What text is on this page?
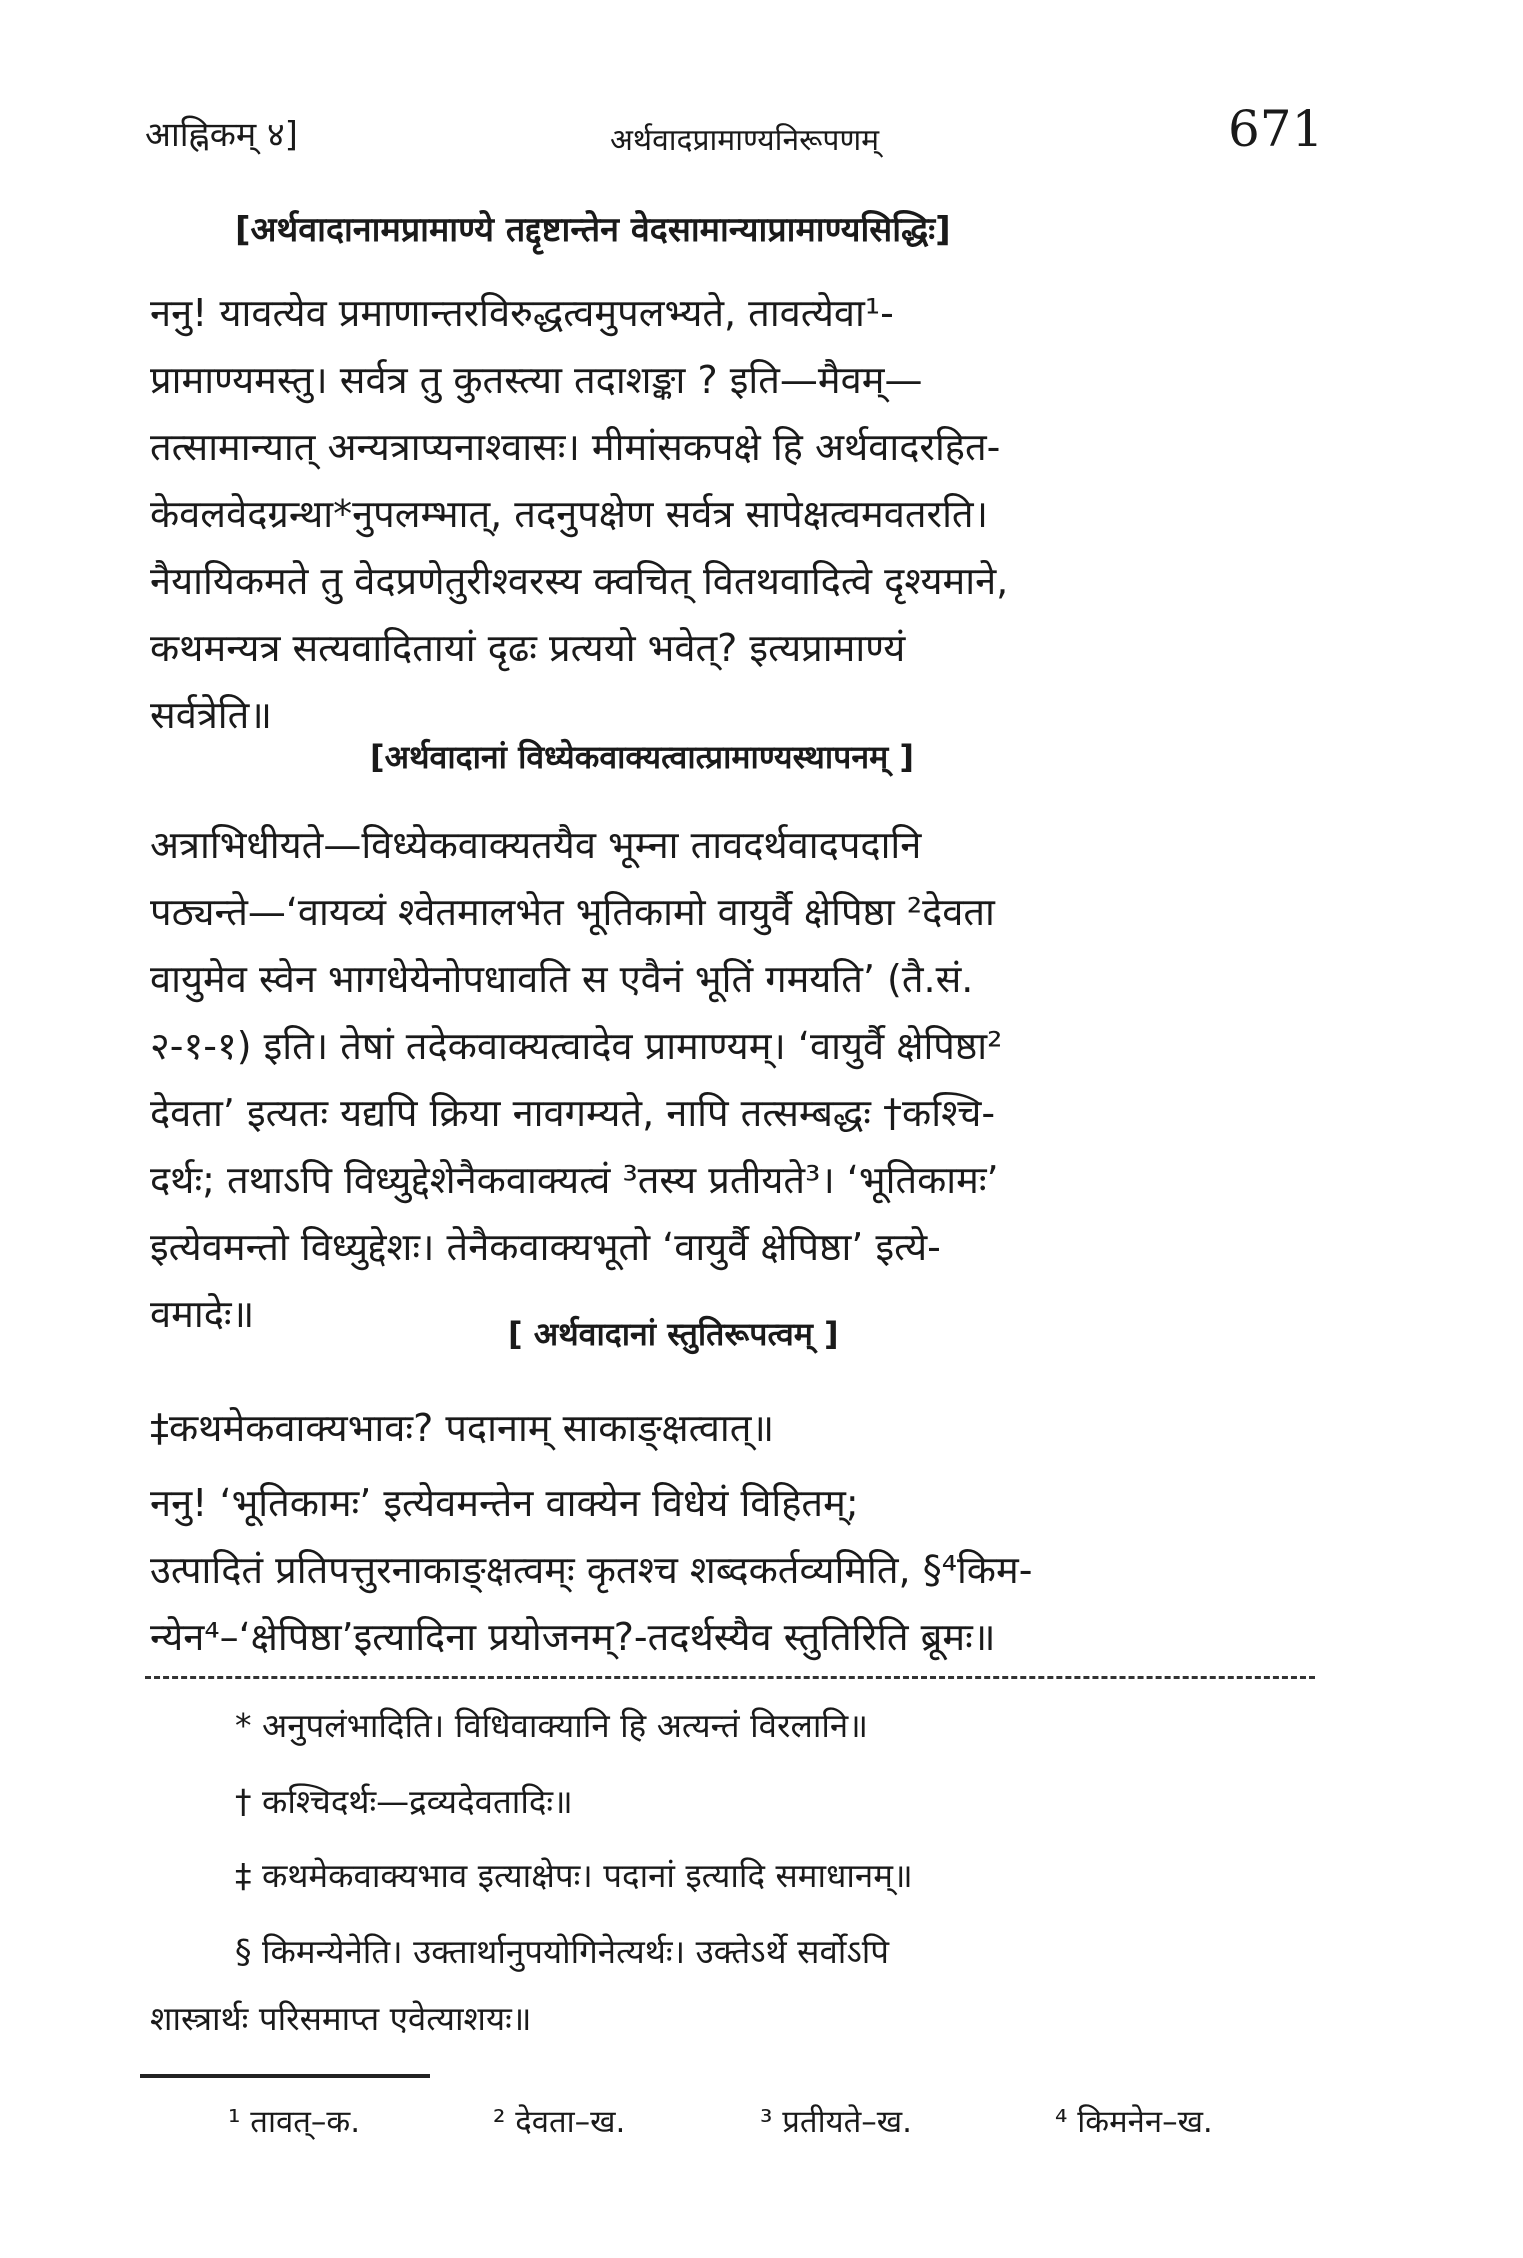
आह्निकम् ४]	अर्थवादप्रामाण्यनिरूपणम्	671
[अर्थवादानामप्रामाण्ये तद्दृष्टान्तेन वेदसामान्याप्रामाण्यसिद्धिः]
ननु! यावत्येव प्रमाणान्तरविरुद्धत्वमुपलभ्यते, तावत्येवा¹-
प्रामाण्यमस्तु। सर्वत्र तु कुतस्त्या तदाशङ्का ? इति—मैवम्—
तत्सामान्यात् अन्यत्राप्यनाश्वासः। मीमांसकपक्षे हि अर्थवादरहित-
केवलवेदग्रन्था*नुपलम्भात्, तदनुपक्षेण सर्वत्र सापेक्षत्वमवतरति।
नैयायिकमते तु वेदप्रणेतुरीश्वरस्य क्वचित् वितथवादित्वे दृश्यमाने,
कथमन्यत्र सत्यवादितायां दृढः प्रत्ययो भवेत्? इत्यप्रामाण्यं
सर्वत्रेति॥
[अर्थवादानां विध्येकवाक्यत्वात्प्रामाण्यस्थापनम् ]
अत्राभिधीयते—विध्येकवाक्यतयैव भूम्ना तावदर्थवादपदानि
पठ्यन्ते—‘वायव्यं श्वेतमालभेत भूतिकामो वायुर्वै क्षेपिष्ठा ²देवता
वायुमेव स्वेन भागधेयेनोपधावति स एवैनं भूतिं गमयति’ (तै.सं.
२-१-१) इति। तेषां तदेकवाक्यत्वादेव प्रामाण्यम्। ‘वायुर्वै क्षेपिष्ठा²
देवता’ इत्यतः यद्यपि क्रिया नावगम्यते, नापि तत्सम्बद्धः †कश्चि-
दर्थः; तथाऽपि विध्युद्देशेनैकवाक्यत्वं ³तस्य प्रतीयते³। ‘भूतिकामः’
इत्येवमन्तो विध्युद्देशः। तेनैकवाक्यभूतो ‘वायुर्वै क्षेपिष्ठा’ इत्ये-
वमादेः॥	[ अर्थवादानां स्तुतिरूपत्वम् ]
‡कथमेकवाक्यभावः? पदानाम् साकाङ्क्षत्वात्॥
ननु! ‘भूतिकामः’ इत्येवमन्तेन वाक्येन विधेयं विहितम्;
उत्पादितं प्रतिपत्तुरनाकाङ्क्षत्वम्ः कृतश्च शब्दकर्तव्यमिति, §⁴किम-
न्येन⁴–‘क्षेपिष्ठा’इत्यादिना प्रयोजनम्?-तदर्थस्यैव स्तुतिरिति ब्रूमः॥
* अनुपलंभादिति। विधिवाक्यानि हि अत्यन्तं विरलानि॥
† कश्चिदर्थः—द्रव्यदेवतादिः॥
‡ कथमेकवाक्यभाव इत्याक्षेपः। पदानां इत्यादि समाधानम्॥
§ किमन्येनेति। उक्तार्थानुपयोगिनेत्यर्थः। उक्तेऽर्थे सर्वोऽपि
शास्त्रार्थः परिसमाप्त एवेत्याशयः॥
¹ तावत्–क.	² देवता–ख.	³ प्रतीयते–ख.	⁴ किमनेन–ख.
